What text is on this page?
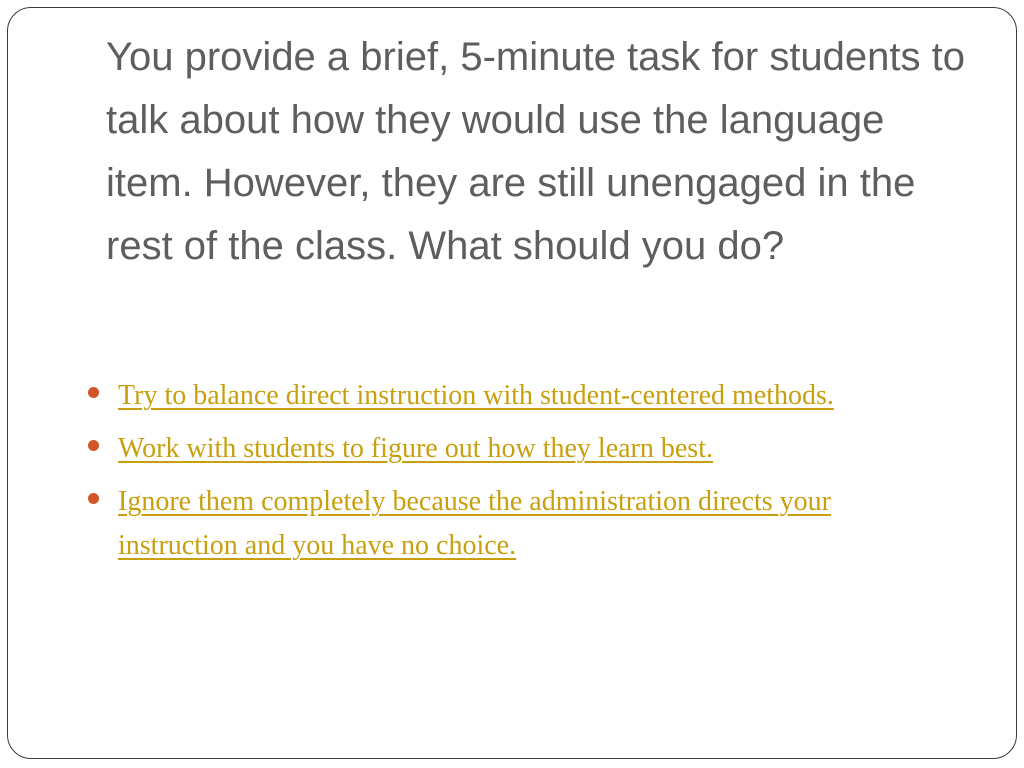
You provide a brief, 5-minute task for students to talk about how they would use the language item. However, they are still unengaged in the rest of the class. What should you do?
Try to balance direct instruction with student-centered methods.
Work with students to figure out how they learn best.
Ignore them completely because the administration directs your instruction and you have no choice.
